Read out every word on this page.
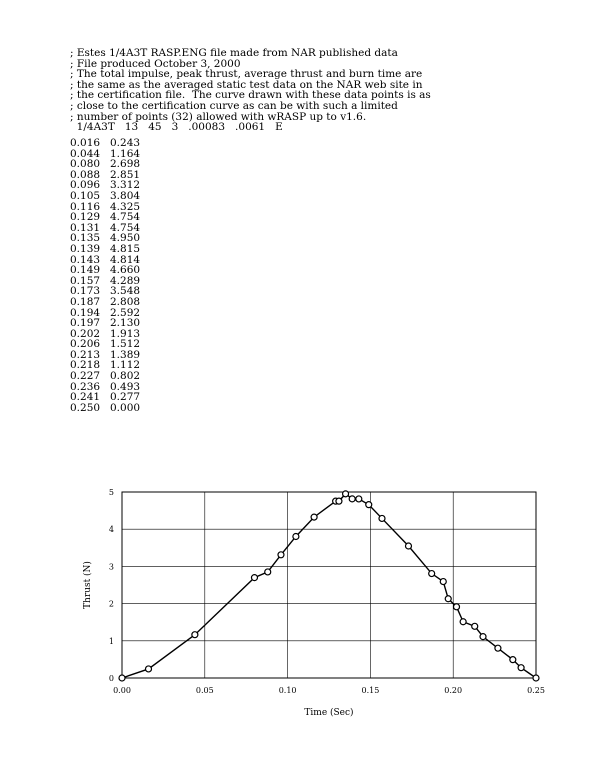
; Estes 1/4A3T RASP.ENG file made from NAR published data
; File produced October 3, 2000
; The total impulse, peak thrust, average thrust and burn time are
; the same as the averaged static test data on the NAR web site in
; the certification file.  The curve drawn with these data points is as
; close to the certification curve as can be with such a limited
; number of points (32) allowed with wRASP up to v1.6.
1/4A3T   13   45   3   .00083   .0061   E
0.016	0.243
0.044	1.164
0.080	2.698
0.088	2.851
0.096	3.312
0.105	3.804
0.116	4.325
0.129	4.754
0.131	4.754
0.135	4.950
0.139	4.815
0.143	4.814
0.149	4.660
0.157	4.289
0.173	3.548
0.187	2.808
0.194	2.592
0.197	2.130
0.202	1.913
0.206	1.512
0.213	1.389
0.218	1.112
0.227	0.802
0.236	0.493
0.241	0.277
0.250	0.000
0.00	0.05	0.10	0.15	0.20	0.25
0
1
2
3
4
5
Time (Sec)
Thrust (N)
